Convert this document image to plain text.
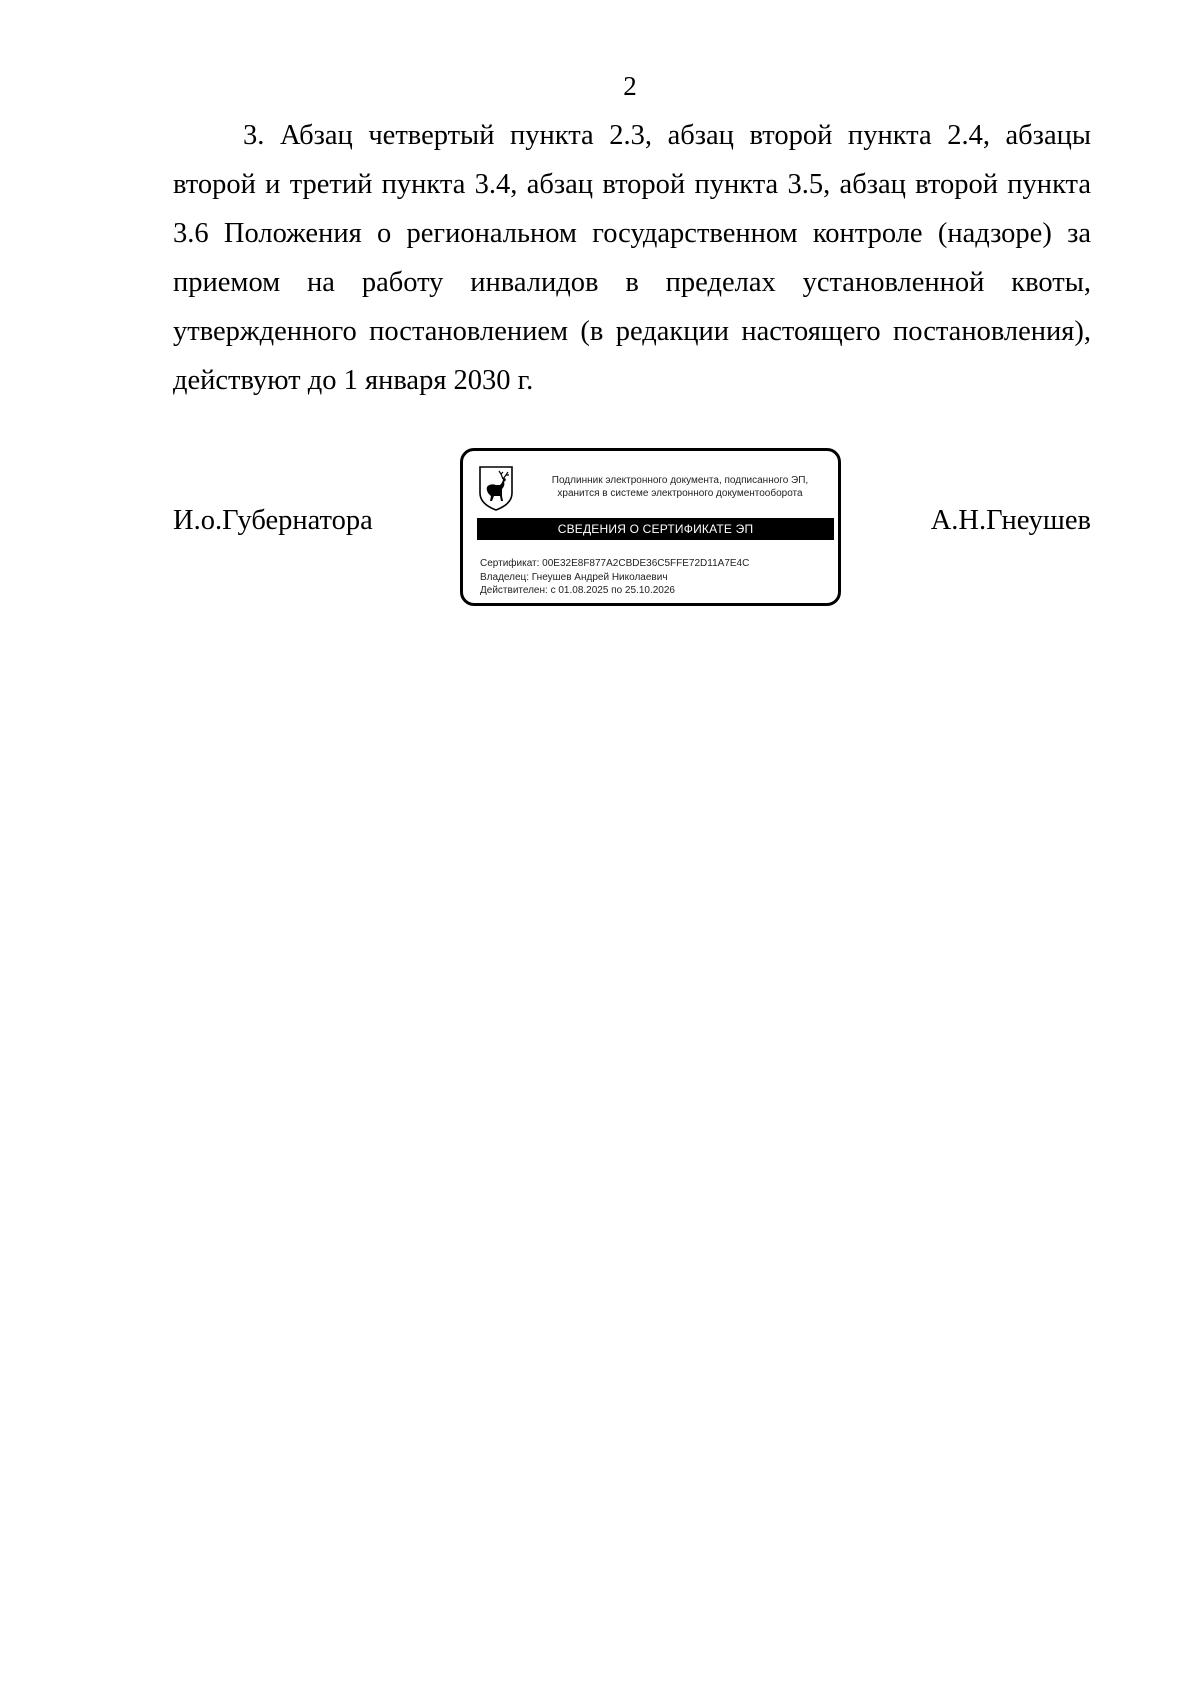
2

3. Абзац четвертый пункта 2.3, абзац второй пункта 2.4, абзацы второй и третий пункта 3.4, абзац второй пункта 3.5, абзац второй пункта 3.6 Положения о региональном государственном контроле (надзоре) за приемом на работу инвалидов в пределах установленной квоты, утвержденного постановлением (в редакции настоящего постановления), действуют до 1 января 2030 г.

И.о.Губернатора
Подлинник электронного документа, подписанного ЭП,
хранится в системе электронного документооборота
СВЕДЕНИЯ О СЕРТИФИКАТЕ ЭП
Сертификат: 00E32E8F877A2CBDE36C5FFE72D11A7E4C
Владелец: Гнеушев Андрей Николаевич
Действителен: с 01.08.2025 по 25.10.2026
А.Н.Гнеушев
